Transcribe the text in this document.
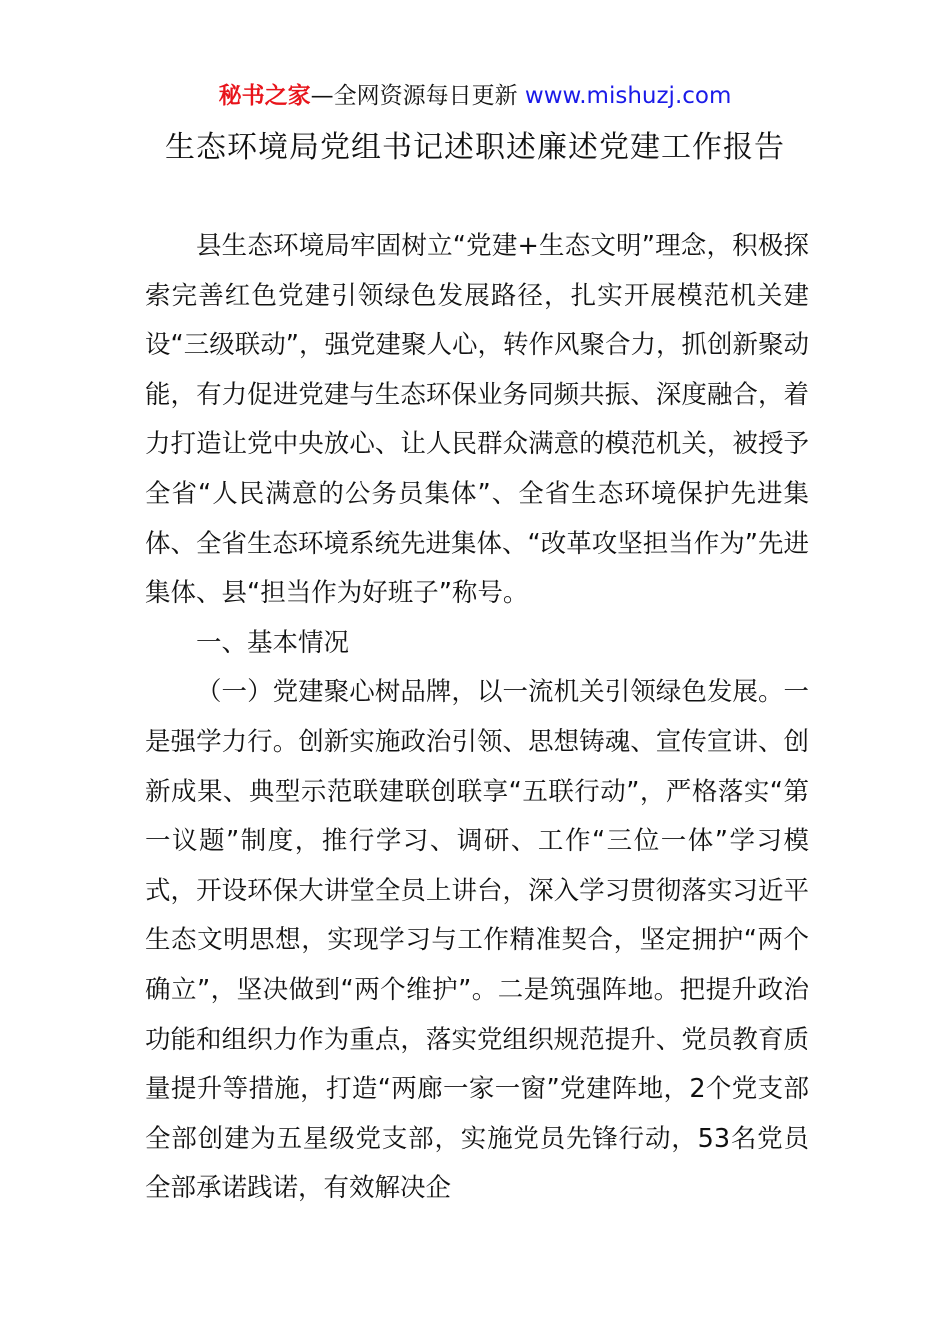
秘书之家—全网资源每日更新 www.mishuzj.com
生态环境局党组书记述职述廉述党建工作报告

县生态环境局牢固树立“党建+生态文明”理念，积极探索完善红色党建引领绿色发展路径，扎实开展模范机关建设“三级联动”，强党建聚人心，转作风聚合力，抓创新聚动能，有力促进党建与生态环保业务同频共振、深度融合，着力打造让党中央放心、让人民群众满意的模范机关，被授予全省“人民满意的公务员集体”、全省生态环境保护先进集体、全省生态环境系统先进集体、“改革攻坚担当作为”先进集体、县“担当作为好班子”称号。

一、基本情况

（一）党建聚心树品牌，以一流机关引领绿色发展。一是强学力行。创新实施政治引领、思想铸魂、宣传宣讲、创新成果、典型示范联建联创联享“五联行动”，严格落实“第一议题”制度，推行学习、调研、工作“三位一体”学习模式，开设环保大讲堂全员上讲台，深入学习贯彻落实习近平生态文明思想，实现学习与工作精准契合，坚定拥护“两个确立”，坚决做到“两个维护”。二是筑强阵地。把提升政治功能和组织力作为重点，落实党组织规范提升、党员教育质量提升等措施，打造“两廊一家一窗”党建阵地，2个党支部全部创建为五星级党支部，实施党员先锋行动，53名党员全部承诺践诺，有效解决企
